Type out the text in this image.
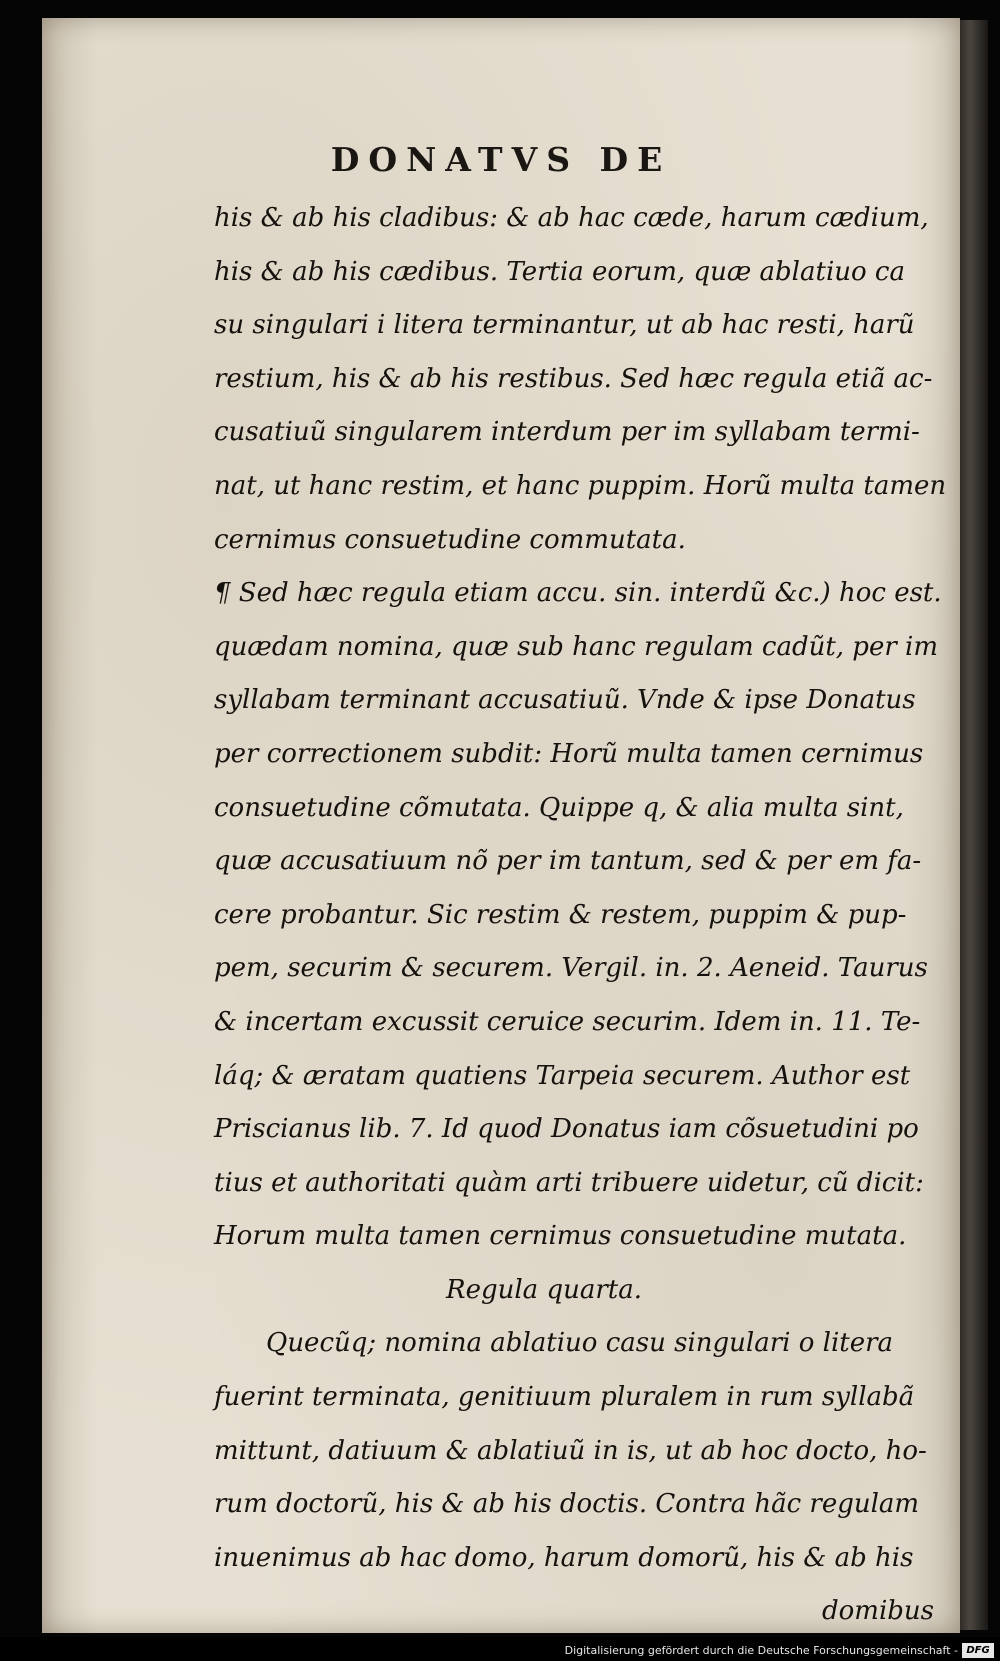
DONATVS DE
his & ab his cladibus: & ab hac cæde, harum cædium,
his & ab his cædibus. Tertia eorum, quæ ablatiuo ca
su singulari i litera terminantur, ut ab hac resti, harũ
restium, his & ab his restibus. Sed hæc regula etiã ac-
cusatiuũ singularem interdum per im syllabam termi-
nat, ut hanc restim, et hanc puppim. Horũ multa tamen
cernimus consuetudine commutata.
¶ Sed hæc regula etiam accu. sin. interdũ &c.) hoc est.
quædam nomina, quæ sub hanc regulam cadũt, per im
syllabam terminant accusatiuũ. Vnde & ipse Donatus
per correctionem subdit: Horũ multa tamen cernimus
consuetudine cõmutata. Quippe q, & alia multa sint,
quæ accusatiuum nõ per im tantum, sed & per em fa-
cere probantur. Sic restim & restem, puppim & pup-
pem, securim & securem. Vergil. in. 2. Aeneid. Taurus
& incertam excussit ceruice securim. Idem in. 11. Te-
láq; & æratam quatiens Tarpeia securem. Author est
Priscianus lib. 7. Id quod Donatus iam cõsuetudini po
tius et authoritati quàm arti tribuere uidetur, cũ dicit:
Horum multa tamen cernimus consuetudine mutata.
Regula quarta.
Quecũq; nomina ablatiuo casu singulari o litera
fuerint terminata, genitiuum pluralem in rum syllabã
mittunt, datiuum & ablatiuũ in is, ut ab hoc docto, ho-
rum doctorũ, his & ab his doctis. Contra hãc regulam
inuenimus ab hac domo, harum domorũ, his & ab his
domibus
Digitalisierung gefördert durch die Deutsche Forschungsgemeinschaft - DFG
